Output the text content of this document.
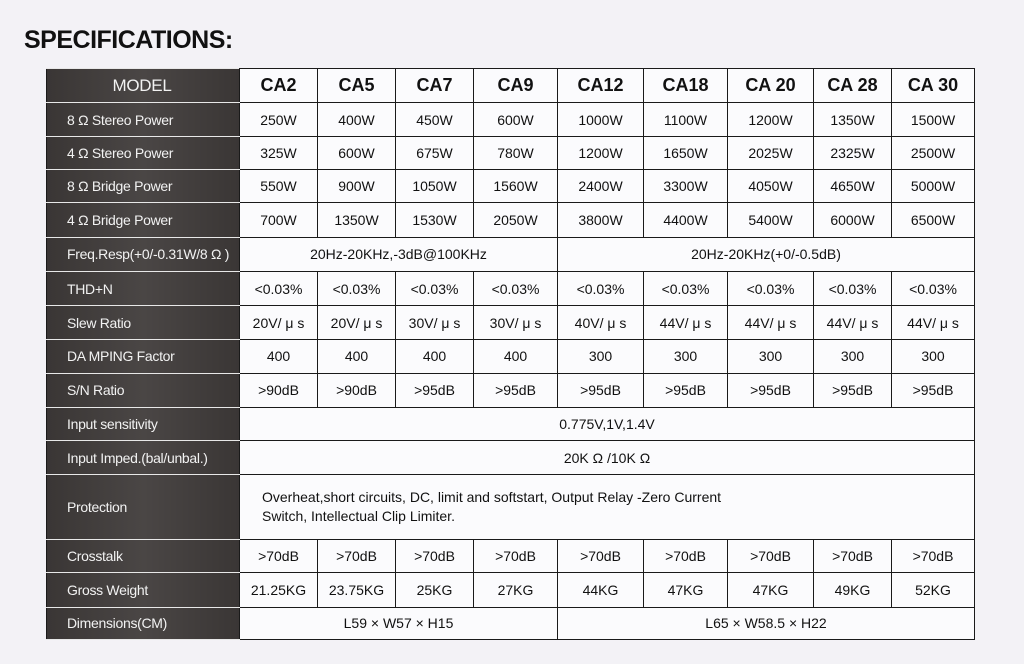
SPECIFICATIONS:
MODEL	CA2	CA5	CA7	CA9	CA12	CA18	CA 20	CA 28	CA 30
8 Ω Stereo Power	250W	400W	450W	600W	1000W	1100W	1200W	1350W	1500W
4 Ω Stereo Power	325W	600W	675W	780W	1200W	1650W	2025W	2325W	2500W
8 Ω Bridge Power	550W	900W	1050W	1560W	2400W	3300W	4050W	4650W	5000W
4 Ω Bridge Power	700W	1350W	1530W	2050W	3800W	4400W	5400W	6000W	6500W
Freq.Resp(+0/-0.31W/8 Ω )	20Hz-20KHz,-3dB@100KHz				20Hz-20KHz(+0/-0.5dB)				
THD+N	<0.03%	<0.03%	<0.03%	<0.03%	<0.03%	<0.03%	<0.03%	<0.03%	<0.03%
Slew Ratio	20V/ μ s	20V/ μ s	30V/ μ s	30V/ μ s	40V/ μ s	44V/ μ s	44V/ μ s	44V/ μ s	44V/ μ s
DA MPING Factor	400	400	400	400	300	300	300	300	300
S/N Ratio	>90dB	>90dB	>95dB	>95dB	>95dB	>95dB	>95dB	>95dB	>95dB
Input sensitivity	0.775V,1V,1.4V								
Input Imped.(bal/unbal.)	20K Ω /10K Ω								
Protection	Overheat,short circuits, DC, limit and softstart, Output Relay -Zero Current
Switch, Intellectual Clip Limiter.								

Crosstalk	>70dB	>70dB	>70dB	>70dB	>70dB	>70dB	>70dB	>70dB	>70dB
Gross Weight	21.25KG	23.75KG	25KG	27KG	44KG	47KG	47KG	49KG	52KG
Dimensions(CM)	L59 × W57 × H15				L65 × W58.5 × H22				
